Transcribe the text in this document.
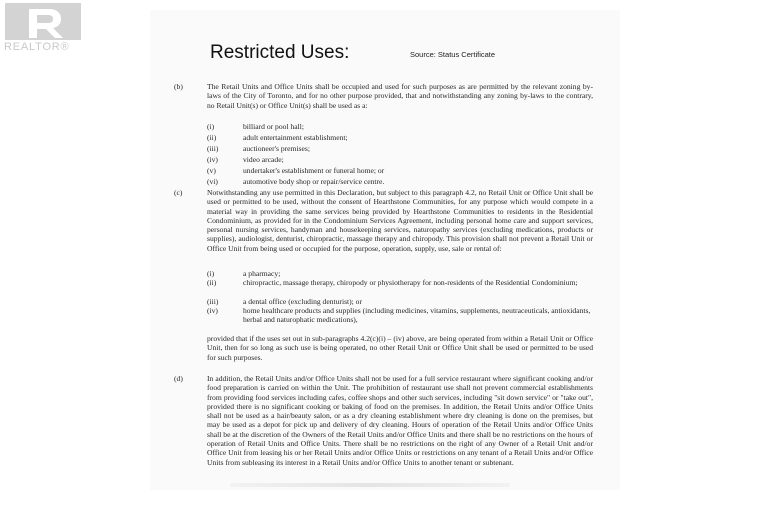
REALTOR®	Restricted Uses:	Source: Status Certificate
(b)	The Retail Units and Office Units shall be occupied and used for such purposes as are permitted by the relevant zoning by-laws of the City of Toronto, and for no other purpose provided, that and notwithstanding any zoning by-laws to the contrary, no Retail Unit(s) or Office Unit(s) shall be used as a:
(i)	billiard or pool hall;
(ii)	adult entertainment establishment;
(iii)	auctioneer's premises;
(iv)	video arcade;
(v)	undertaker's establishment or funeral home; or
(vi)	automotive body shop or repair/service centre.
(c)	Notwithstanding any use permitted in this Declaration, but subject to this paragraph 4.2, no Retail Unit or Office Unit shall be used or permitted to be used, without the consent of Hearthstone Communities, for any purpose which would compete in a material way in providing the same services being provided by Hearthstone Communities to residents in the Residential Condominium, as provided for in the Condominium Services Agreement, including personal home care and support services, personal nursing services, handyman and housekeeping services, naturopathy services (excluding medications, products or supplies), audiologist, denturist, chiropractic, massage therapy and chiropody. This provision shall not prevent a Retail Unit or Office Unit from being used or occupied for the purpose, operation, supply, use, sale or rental of:
(i)	a pharmacy;
(ii)	chiropractic, massage therapy, chiropody or physiotherapy for non-residents of the Residential Condominium;
(iii)	a dental office (excluding denturist); or
(iv)	home healthcare products and supplies (including medicines, vitamins, supplements, neutraceuticals, antioxidants, herbal and naturophatic medications),
provided that if the uses set out in sub-paragraphs 4.2(c)(i) – (iv) above, are being operated from within a Retail Unit or Office Unit, then for so long as such use is being operated, no other Retail Unit or Office Unit shall be used or permitted to be used for such purposes.
(d)	In addition, the Retail Units and/or Office Units shall not be used for a full service restaurant where significant cooking and/or food preparation is carried on within the Unit. The prohibition of restaurant use shall not prevent commercial establishments from providing food services including cafes, coffee shops and other such services, including "sit down service" or "take out", provided there is no significant cooking or baking of food on the premises. In addition, the Retail Units and/or Office Units shall not be used as a hair/beauty salon, or as a dry cleaning establishment where dry cleaning is done on the premises, but may be used as a depot for pick up and delivery of dry cleaning. Hours of operation of the Retail Units and/or Office Units shall be at the discretion of the Owners of the Retail Units and/or Office Units and there shall be no restrictions on the hours of operation of Retail Units and Office Units. There shall be no restrictions on the right of any Owner of a Retail Unit and/or Office Unit from leasing his or her Retail Units and/or Office Units or restrictions on any tenant of a Retail Units and/or Office Units from subleasing its interest in a Retail Units and/or Office Units to another tenant or subtenant.
